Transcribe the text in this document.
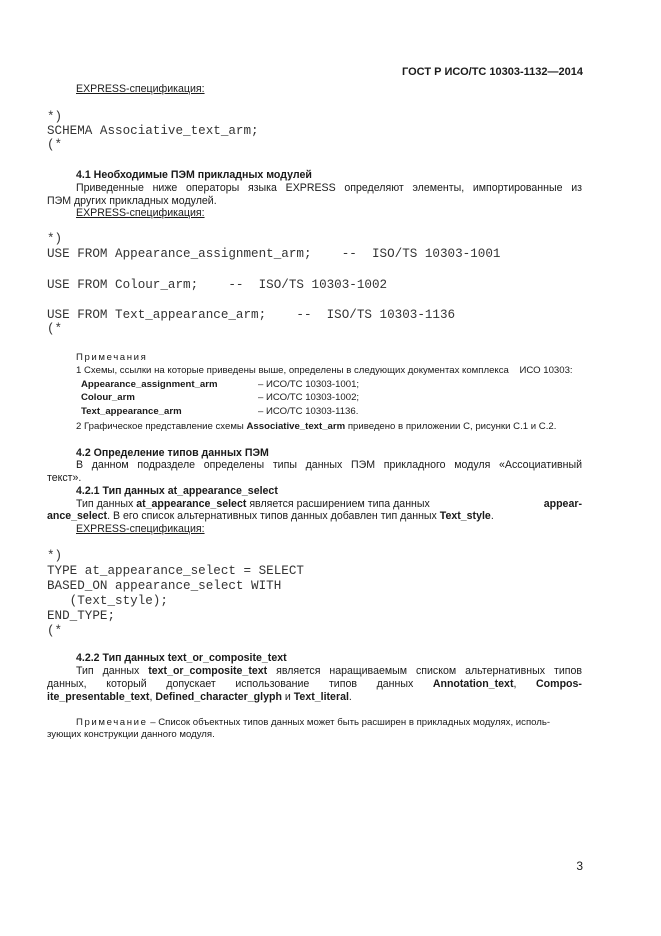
ГОСТ Р ИСО/ТС 10303-1132—2014
EXPRESS-спецификация:
*)
SCHEMA Associative_text_arm;
(*
4.1 Необходимые ПЭМ прикладных модулей
Приведенные ниже операторы языка EXPRESS определяют элементы, импортированные из
ПЭМ других прикладных модулей.
EXPRESS-спецификация:
*)
USE FROM Appearance_assignment_arm;    --  ISO/TS 10303-1001
USE FROM Colour_arm;    --  ISO/TS 10303-1002
USE FROM Text_appearance_arm;    --  ISO/TS 10303-1136
(*
Примечания
1 Схемы, ссылки на которые приведены выше, определены в следующих документах комплекса    ИСО 10303:
Appearance_assignment_arm	– ИСО/ТС 10303-1001;
Colour_arm	– ИСО/ТС 10303-1002;
Text_appearance_arm	– ИСО/ТС 10303-1136.
2 Графическое представление схемы Associative_text_arm приведено в приложении С, рисунки С.1 и С.2.
4.2 Определение типов данных ПЭМ
В данном подразделе определены типы данных ПЭМ прикладного модуля «Ассоциативный
текст».
4.2.1 Тип данных at_appearance_select
Тип данных at_appearance_select является расширением типа данных	appear-
ance_select. В его список альтернативных типов данных добавлен тип данных Text_style.
EXPRESS-спецификация:
*)
TYPE at_appearance_select = SELECT
BASED_ON appearance_select WITH
(Text_style);
END_TYPE;
(*
4.2.2 Тип данных text_or_composite_text
Тип данных text_or_composite_text является наращиваемым списком альтернативных типов
данных, который допускает использование типов данных Annotation_text, Compos-
ite_presentable_text, Defined_character_glyph и Text_literal.
Примечание – Список объектных типов данных может быть расширен в прикладных модулях, исполь-
зующих конструкции данного модуля.
3
